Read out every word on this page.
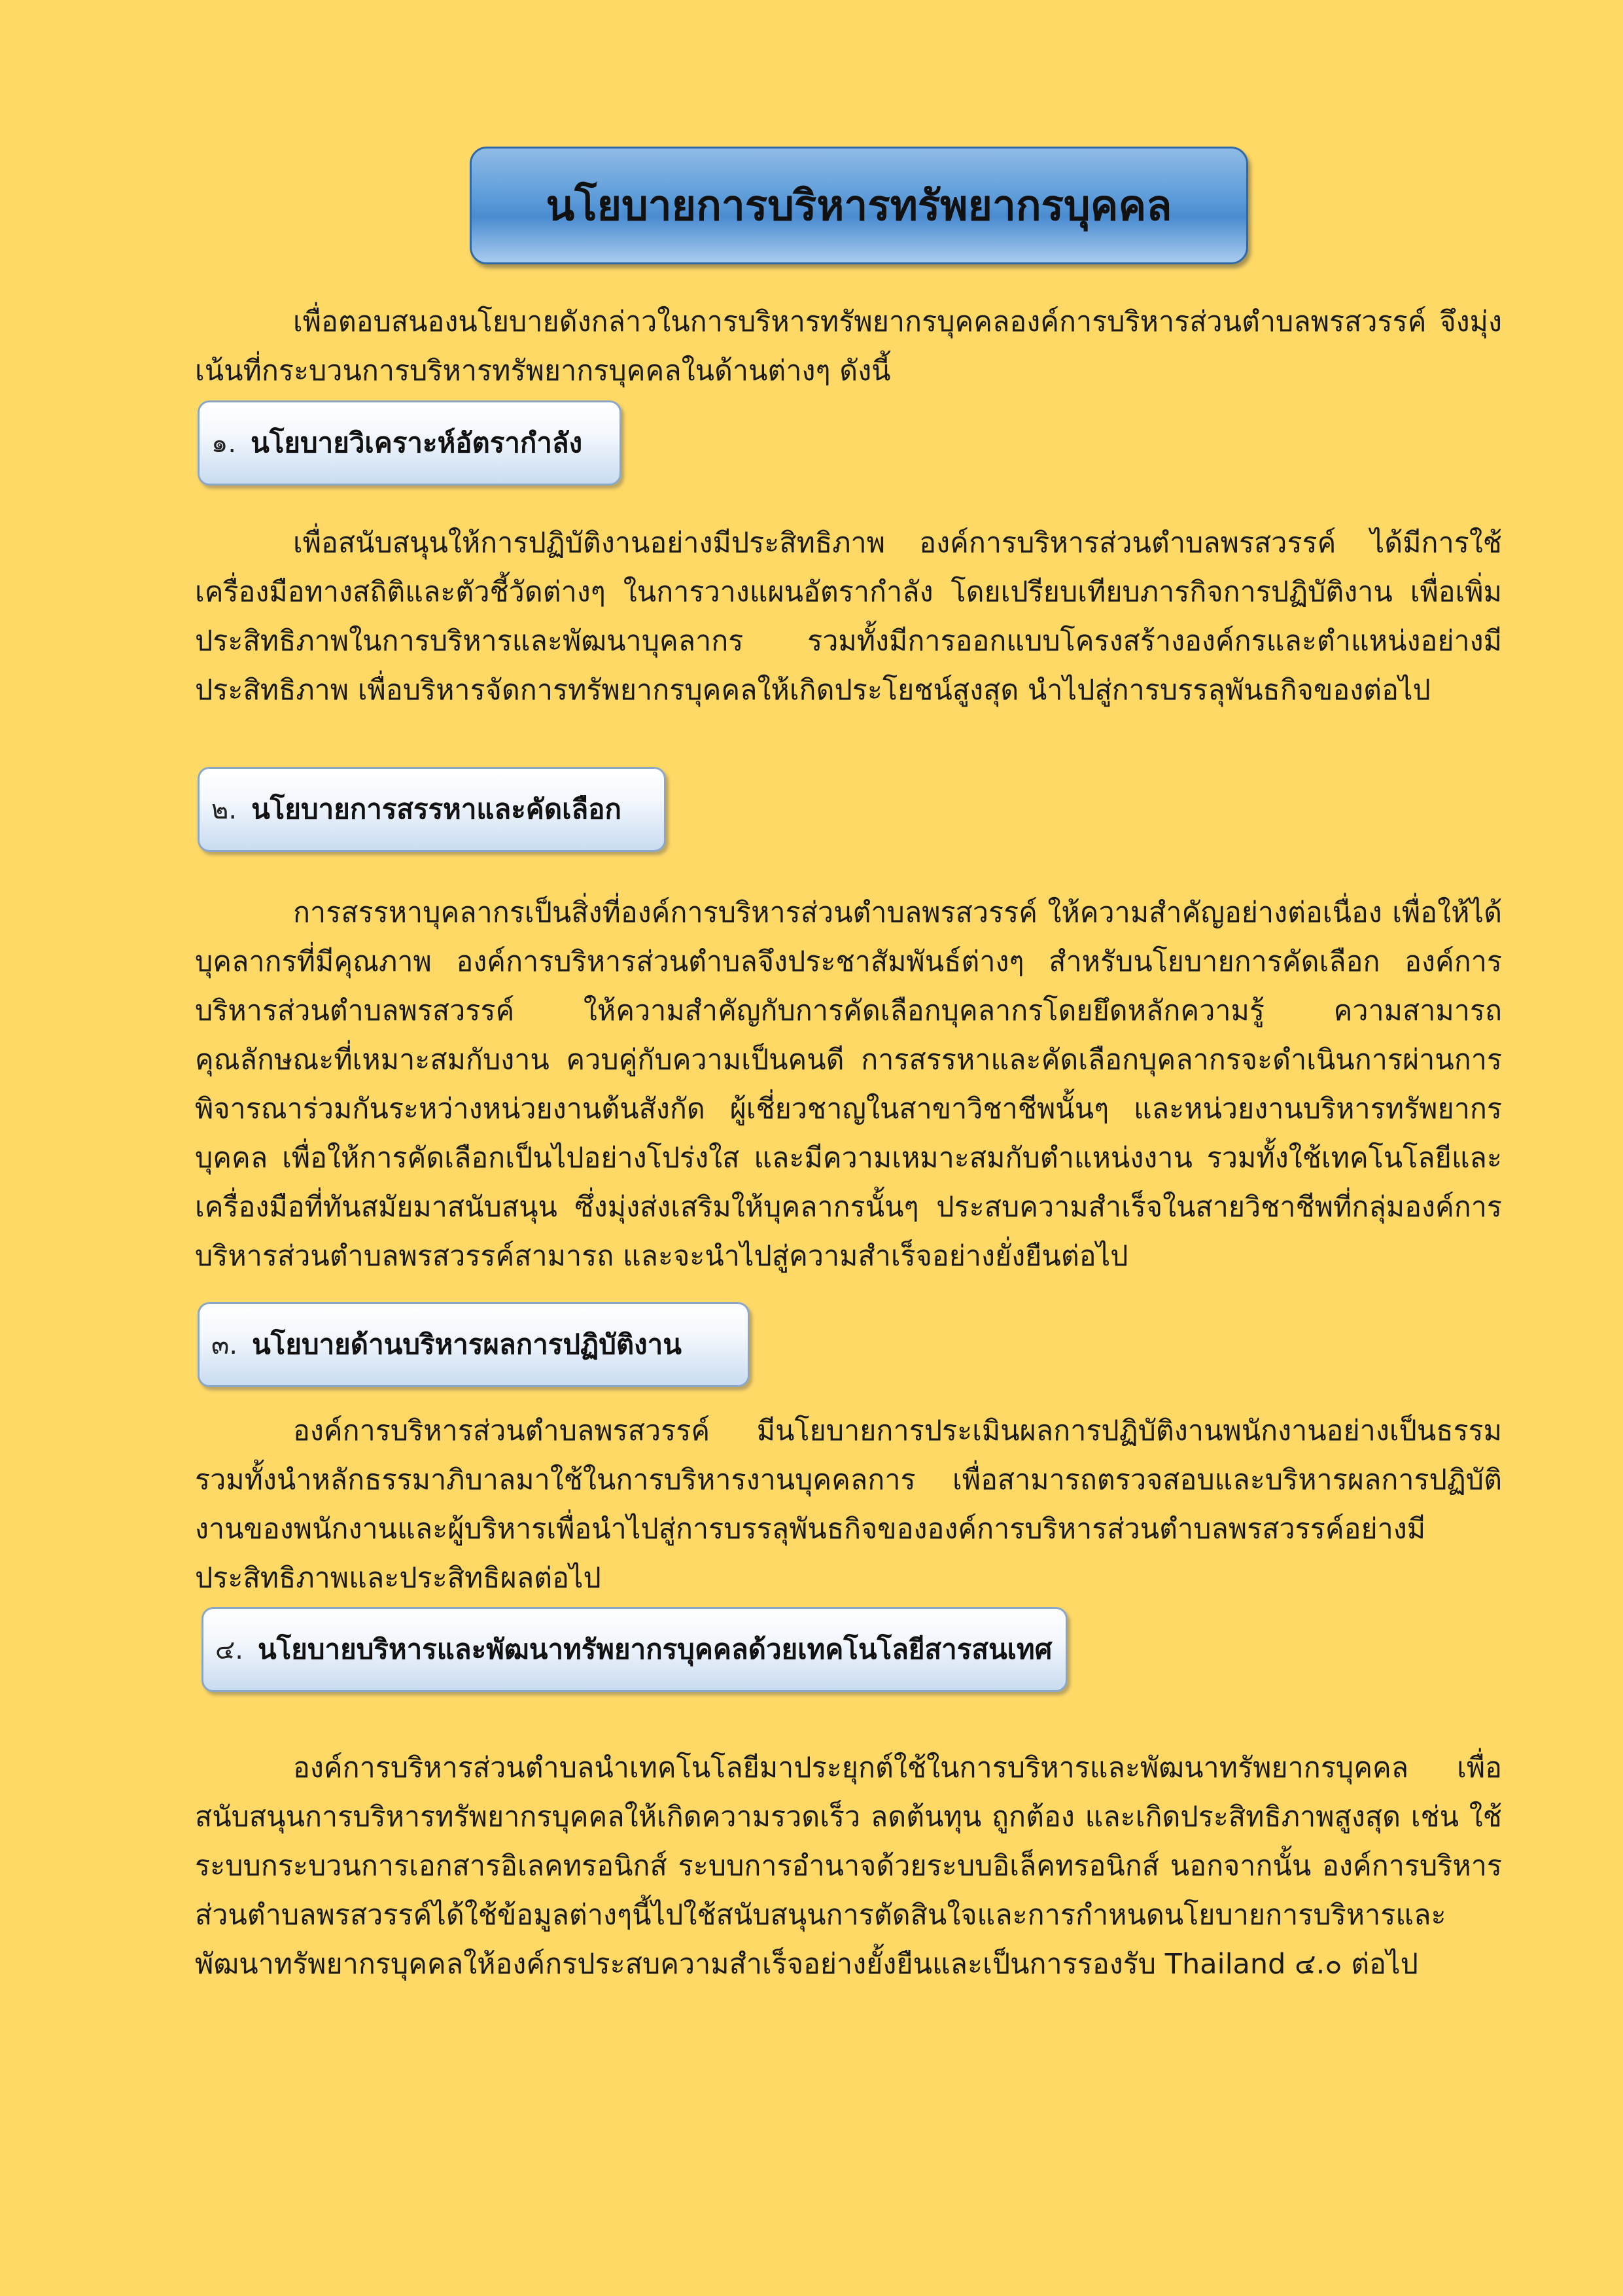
นโยบายการบริหารทรัพยากรบุคคล

เพื่อตอบสนองนโยบายดังกล่าวในการบริหารทรัพยากรบุคคลองค์การบริหารส่วนตำบลพรสวรรค์ จึงมุ่งเน้นที่กระบวนการบริหารทรัพยากรบุคคลในด้านต่างๆ ดังนี้

๑. นโยบายวิเคราะห์อัตรากำลัง

เพื่อสนับสนุนให้การปฏิบัติงานอย่างมีประสิทธิภาพ องค์การบริหารส่วนตำบลพรสวรรค์ ได้มีการใช้เครื่องมือทางสถิติและตัวชี้วัดต่างๆ ในการวางแผนอัตรากำลัง โดยเปรียบเทียบภารกิจการปฏิบัติงาน เพื่อเพิ่มประสิทธิภาพในการบริหารและพัฒนาบุคลากร รวมทั้งมีการออกแบบโครงสร้างองค์กรและตำแหน่งอย่างมีประสิทธิภาพ เพื่อบริหารจัดการทรัพยากรบุคคลให้เกิดประโยชน์สูงสุด นำไปสู่การบรรลุพันธกิจของต่อไป

๒. นโยบายการสรรหาและคัดเลือก

การสรรหาบุคลากรเป็นสิ่งที่องค์การบริหารส่วนตำบลพรสวรรค์ ให้ความสำคัญอย่างต่อเนื่อง เพื่อให้ได้บุคลากรที่มีคุณภาพ องค์การบริหารส่วนตำบลจึงประชาสัมพันธ์ต่างๆ สำหรับนโยบายการคัดเลือก องค์การบริหารส่วนตำบลพรสวรรค์ ให้ความสำคัญกับการคัดเลือกบุคลากรโดยยึดหลักความรู้ ความสามารถ คุณลักษณะที่เหมาะสมกับงาน ควบคู่กับความเป็นคนดี การสรรหาและคัดเลือกบุคลากรจะดำเนินการผ่านการพิจารณาร่วมกันระหว่างหน่วยงานต้นสังกัด ผู้เชี่ยวชาญในสาขาวิชาชีพนั้นๆ และหน่วยงานบริหารทรัพยากรบุคคล เพื่อให้การคัดเลือกเป็นไปอย่างโปร่งใส และมีความเหมาะสมกับตำแหน่งงาน รวมทั้งใช้เทคโนโลยีและเครื่องมือที่ทันสมัยมาสนับสนุน ซึ่งมุ่งส่งเสริมให้บุคลากรนั้นๆ ประสบความสำเร็จในสายวิชาชีพที่กลุ่มองค์การบริหารส่วนตำบลพรสวรรค์สามารถ และจะนำไปสู่ความสำเร็จอย่างยั่งยืนต่อไป

๓. นโยบายด้านบริหารผลการปฏิบัติงาน

องค์การบริหารส่วนตำบลพรสวรรค์ มีนโยบายการประเมินผลการปฏิบัติงานพนักงานอย่างเป็นธรรมรวมทั้งนำหลักธรรมาภิบาลมาใช้ในการบริหารงานบุคคลการ เพื่อสามารถตรวจสอบและบริหารผลการปฏิบัติงานของพนักงานและผู้บริหารเพื่อนำไปสู่การบรรลุพันธกิจขององค์การบริหารส่วนตำบลพรสวรรค์อย่างมีประสิทธิภาพและประสิทธิผลต่อไป

๔. นโยบายบริหารและพัฒนาทรัพยากรบุคคลด้วยเทคโนโลยีสารสนเทศ

องค์การบริหารส่วนตำบลนำเทคโนโลยีมาประยุกต์ใช้ในการบริหารและพัฒนาทรัพยากรบุคคล เพื่อสนับสนุนการบริหารทรัพยากรบุคคลให้เกิดความรวดเร็ว ลดต้นทุน ถูกต้อง และเกิดประสิทธิภาพสูงสุด เช่น ใช้ ระบบกระบวนการเอกสารอิเลคทรอนิกส์ ระบบการอำนาจด้วยระบบอิเล็คทรอนิกส์ นอกจากนั้น องค์การบริหารส่วนตำบลพรสวรรค์ได้ใช้ข้อมูลต่างๆนี้ไปใช้สนับสนุนการตัดสินใจและการกำหนดนโยบายการบริหารและพัฒนาทรัพยากรบุคคลให้องค์กรประสบความสำเร็จอย่างยั้งยืนและเป็นการรองรับ Thailand ๔.๐ ต่อไป
